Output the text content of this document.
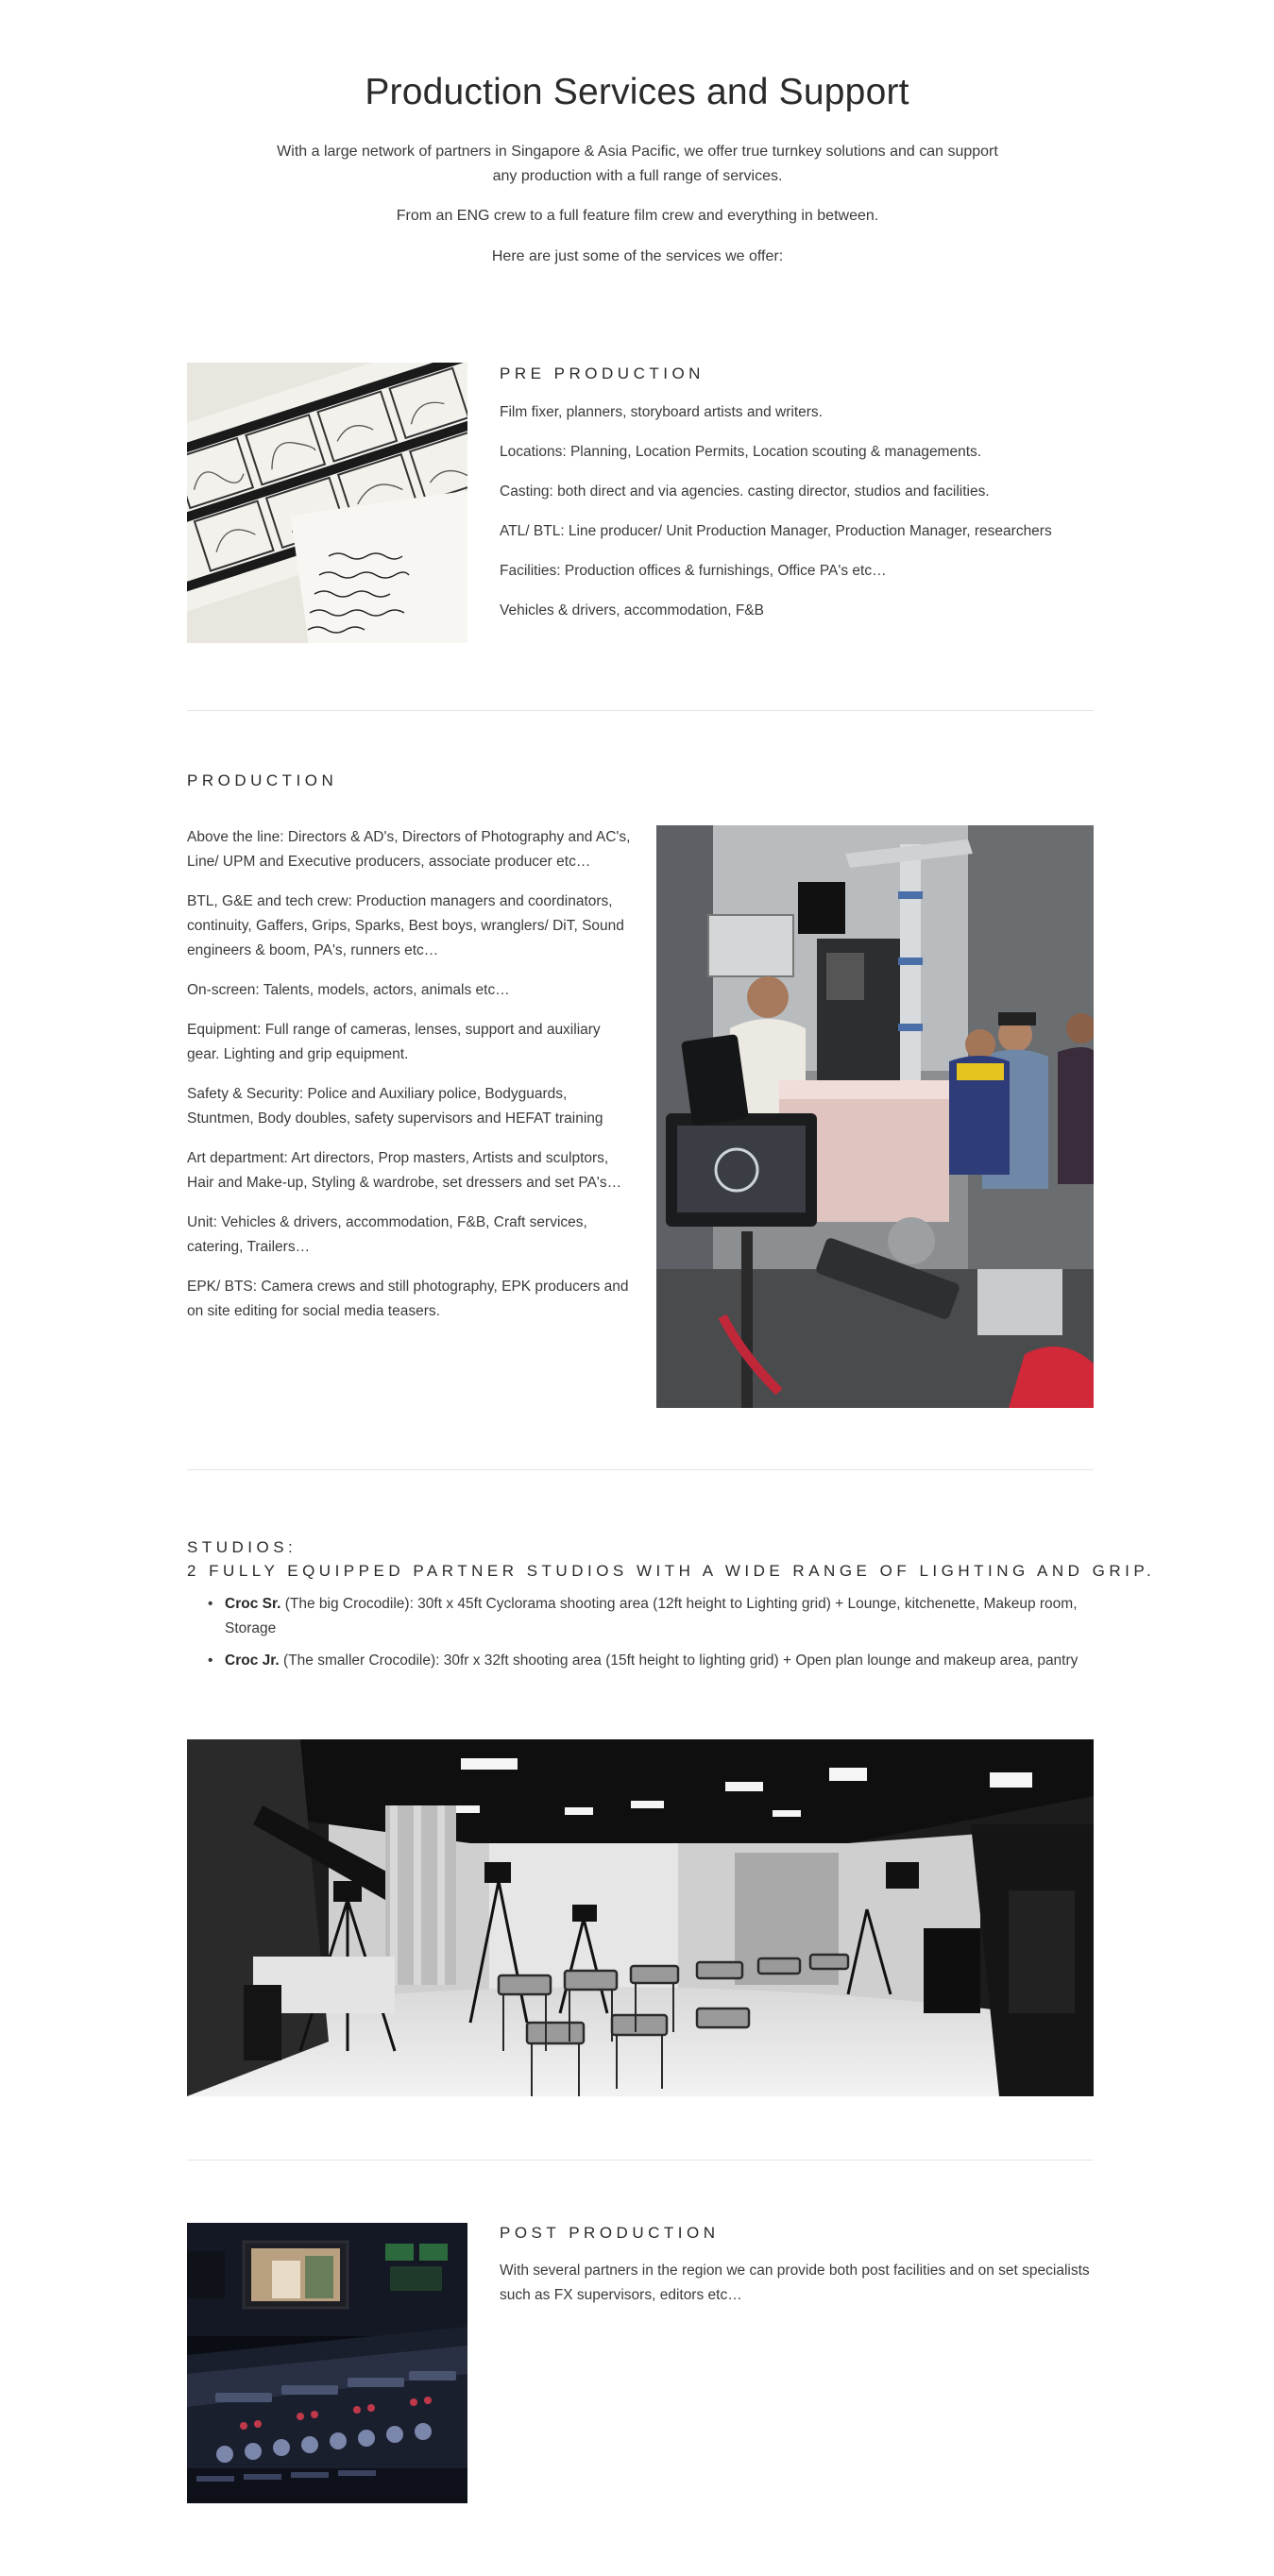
Production Services and Support

With a large network of partners in Singapore & Asia Pacific, we offer true turnkey solutions and can support any production with a full range of services.

From an ENG crew to a full feature film crew and everything in between.

Here are just some of the services we offer:

PRE PRODUCTION
Film fixer, planners, storyboard artists and writers.
Locations: Planning, Location Permits, Location scouting & managements.
Casting: both direct and via agencies. casting director, studios and facilities.
ATL/ BTL: Line producer/ Unit Production Manager, Production Manager, researchers
Facilities: Production offices & furnishings, Office PA's etc…
Vehicles & drivers, accommodation, F&B
PRODUCTION
Above the line: Directors & AD's, Directors of Photography and AC's, Line/ UPM and Executive producers, associate producer etc…
BTL, G&E and tech crew: Production managers and coordinators, continuity, Gaffers, Grips, Sparks, Best boys, wranglers/ DiT, Sound engineers & boom, PA's, runners etc…
On-screen: Talents, models, actors, animals etc…
Equipment: Full range of cameras, lenses, support and auxiliary gear. Lighting and grip equipment.
Safety & Security: Police and Auxiliary police, Bodyguards, Stuntmen, Body doubles, safety supervisors and HEFAT training
Art department: Art directors, Prop masters, Artists and sculptors, Hair and Make-up, Styling & wardrobe, set dressers and set PA's…
Unit: Vehicles & drivers, accommodation, F&B, Craft services, catering, Trailers…
EPK/ BTS: Camera crews and still photography, EPK producers and on site editing for social media teasers.
STUDIOS:
2 FULLY EQUIPPED PARTNER STUDIOS WITH A WIDE RANGE OF LIGHTING AND GRIP.
• Croc Sr. (The big Crocodile): 30ft x 45ft Cyclorama shooting area (12ft height to Lighting grid) + Lounge, kitchenette, Makeup room, Storage
• Croc Jr. (The smaller Crocodile): 30fr x 32ft shooting area (15ft height to lighting grid) + Open plan lounge and makeup area, pantry
POST PRODUCTION

With several partners in the region we can provide both post facilities and on set specialists such as FX supervisors, editors etc…
